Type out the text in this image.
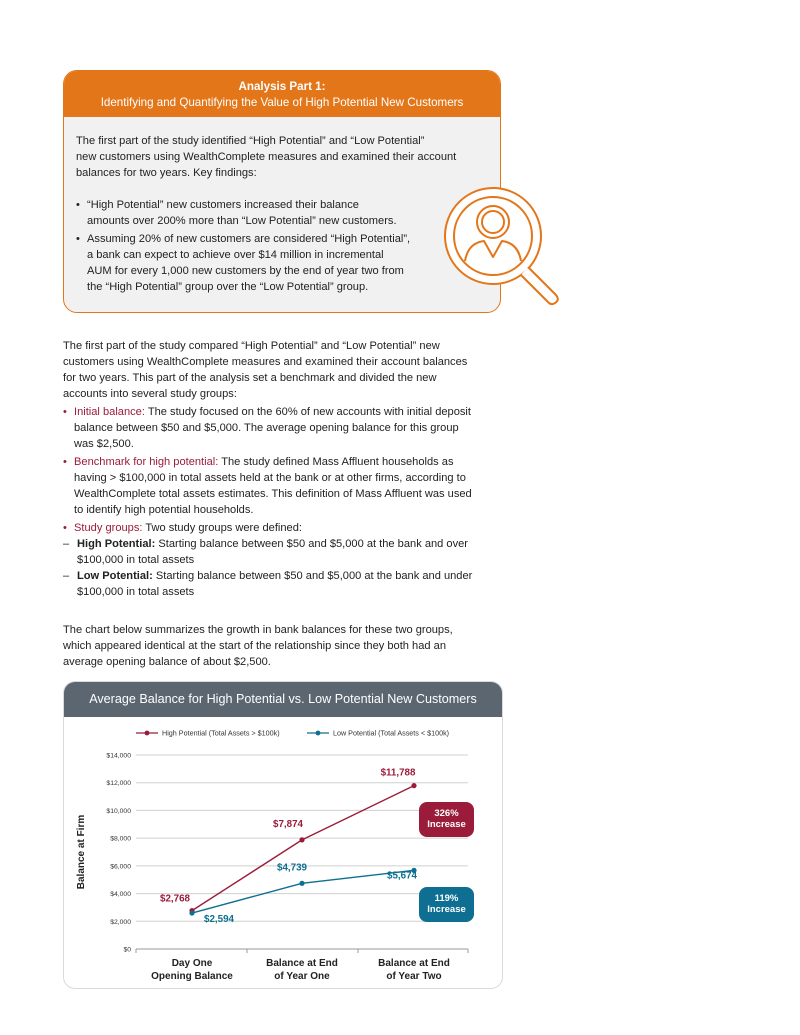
Analysis Part 1:
Identifying and Quantifying the Value of High Potential New Customers

The first part of the study identified “High Potential” and “Low Potential”
new customers using WealthComplete measures and examined their account
balances for two years. Key findings:

• “High Potential” new customers increased their balance
amounts over 200% more than “Low Potential” new customers.
• Assuming 20% of new customers are considered “High Potential”,
a bank can expect to achieve over $14 million in incremental
AUM for every 1,000 new customers by the end of year two from
the “High Potential” group over the “Low Potential” group.

The first part of the study compared “High Potential” and “Low Potential” new
customers using WealthComplete measures and examined their account balances
for two years. This part of the analysis set a benchmark and divided the new
accounts into several study groups:

• Initial balance: The study focused on the 60% of new accounts with initial deposit
balance between $50 and $5,000. The average opening balance for this group
was $2,500.
• Benchmark for high potential: The study defined Mass Affluent households as
having > $100,000 in total assets held at the bank or at other firms, according to
WealthComplete total assets estimates. This definition of Mass Affluent was used
to identify high potential households.
• Study groups: Two study groups were defined:
– High Potential: Starting balance between $50 and $5,000 at the bank and over
$100,000 in total assets
– Low Potential: Starting balance between $50 and $5,000 at the bank and under
$100,000 in total assets

The chart below summarizes the growth in bank balances for these two groups,
which appeared identical at the start of the relationship since they both had an
average opening balance of about $2,500.

Average Balance for High Potential vs. Low Potential New Customers
$0
$2,000
$4,000
$6,000
$8,000
$10,000
$12,000
$14,000
Balance at Firm
Day One
Opening Balance
Balance at End
of Year One
Balance at End
of Year Two
High Potential (Total Assets > $100k)	Low Potential (Total Assets < $100k)
$2,768
$7,874
$11,788
$2,594
$4,739
$5,674
326%
Increase
119%
Increase
